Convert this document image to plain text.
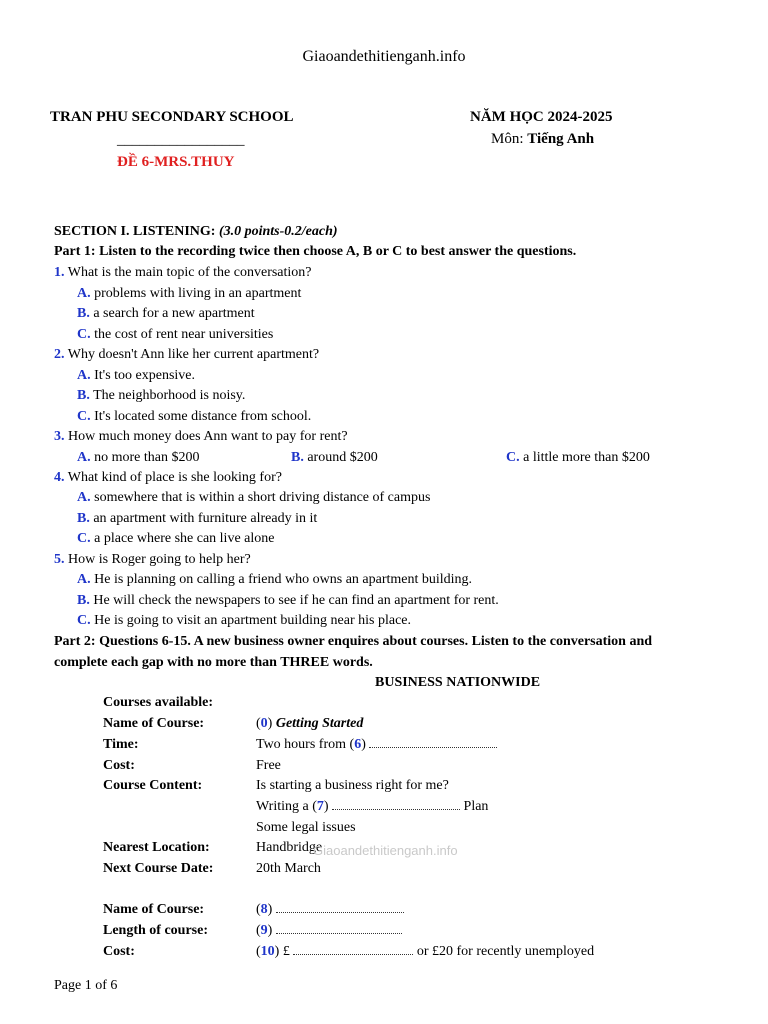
Giaoandethitienganh.info
TRAN PHU SECONDARY SCHOOL
_________________
ĐỀ 6-MRS.THUY
NĂM HỌC 2024-2025
Môn: Tiếng Anh
SECTION I. LISTENING: (3.0 points-0.2/each)
Part 1: Listen to the recording twice then choose A, B or C to best answer the questions.
1. What is the main topic of the conversation?
A. problems with living in an apartment
B. a search for a new apartment
C. the cost of rent near universities
2. Why doesn't Ann like her current apartment?
A. It's too expensive.
B. The neighborhood is noisy.
C. It's located some distance from school.
3. How much money does Ann want to pay for rent?
A. no more than $200	B. around $200	C. a little more than $200
4. What kind of place is she looking for?
A. somewhere that is within a short driving distance of campus
B. an apartment with furniture already in it
C. a place where she can live alone
5. How is Roger going to help her?
A. He is planning on calling a friend who owns an apartment building.
B. He will check the newspapers to see if he can find an apartment for rent.
C. He is going to visit an apartment building near his place.
Part 2: Questions 6-15. A new business owner enquires about courses. Listen to the conversation and
complete each gap with no more than THREE words.
BUSINESS NATIONWIDE
Courses available:
Name of Course:	(0) Getting Started
Time:	Two hours from (6)
Cost:	Free
Course Content:	Is starting a business right for me?
Writing a (7)	Plan
Some legal issues
Nearest Location:	Handbridge
Giaoandethitienganh.info
Next Course Date:	20th March
Name of Course:	(8)
Length of course:	(9)
Cost:	(10) £	or £20 for recently unemployed
Page 1 of 6
